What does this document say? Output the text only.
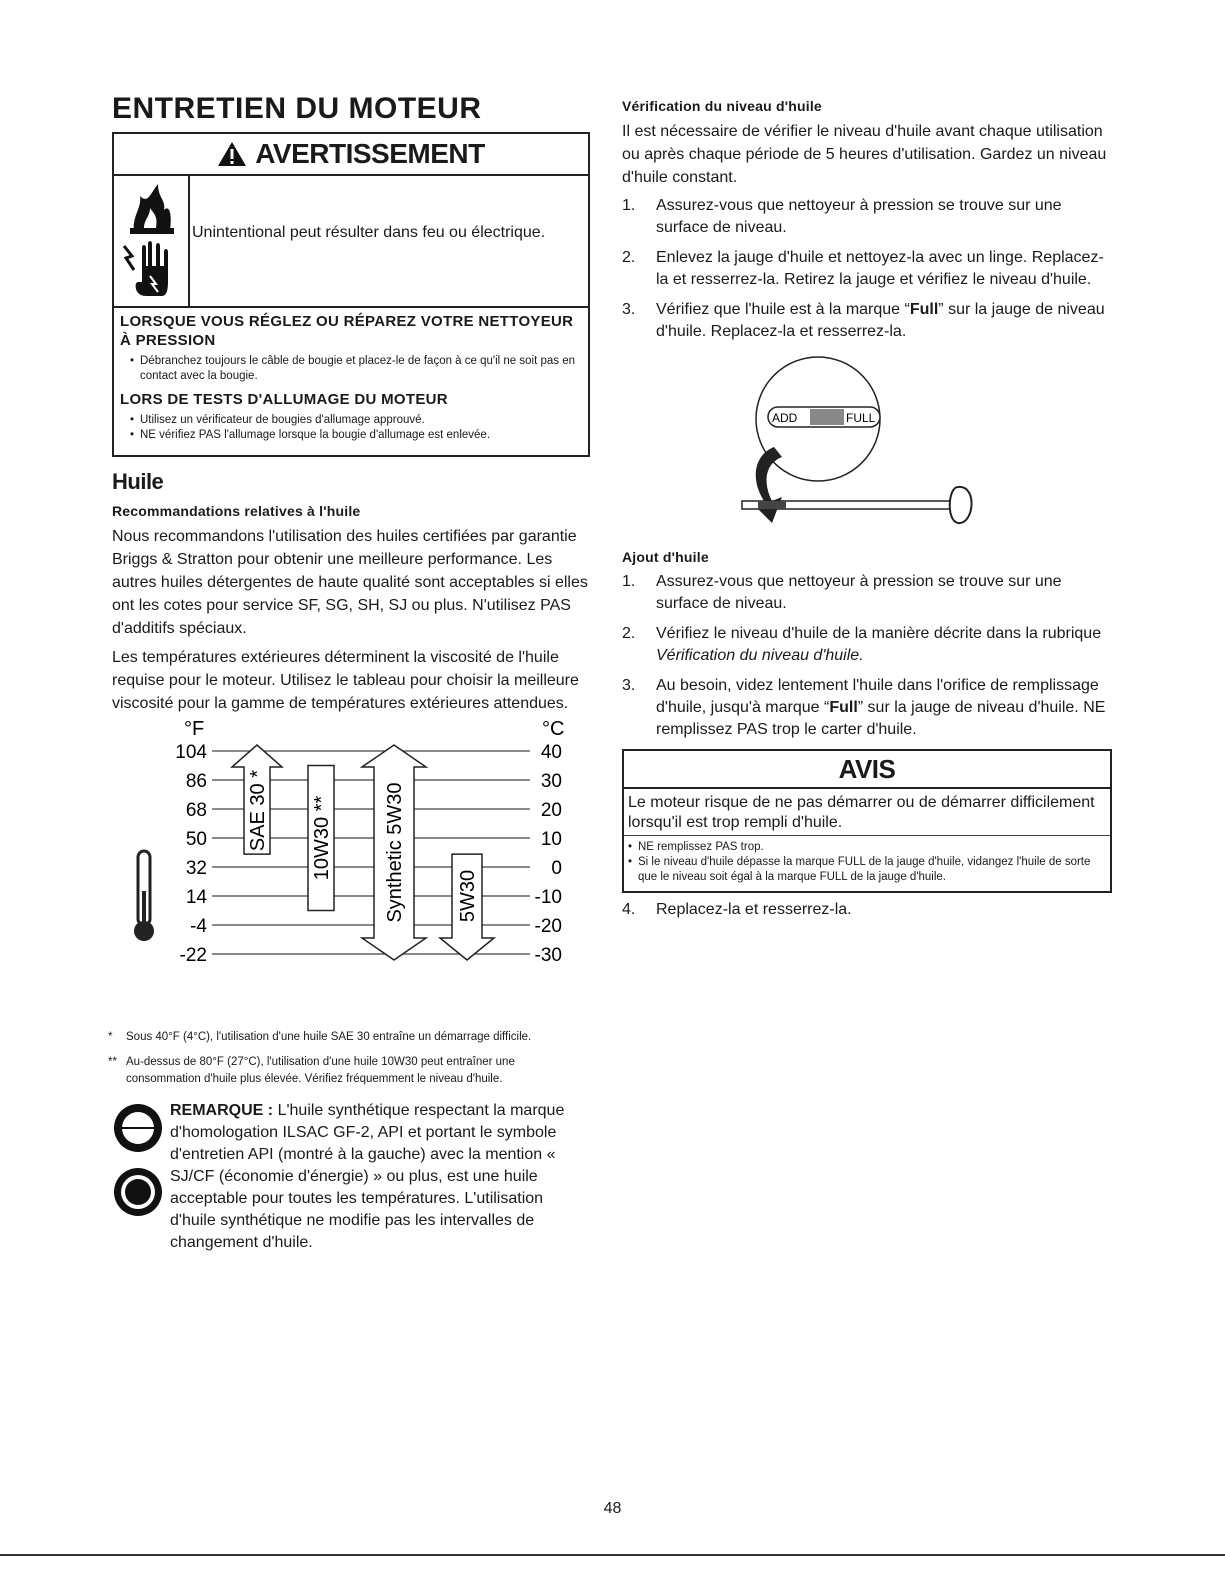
ENTRETIEN DU MOTEUR
AVERTISSEMENT
Unintentional peut résulter dans feu ou électrique.
LORSQUE VOUS RÉGLEZ OU RÉPAREZ VOTRE NETTOYEUR À PRESSION
• Débranchez toujours le câble de bougie et placez-le de façon à ce qu'il ne soit pas en contact avec la bougie.
LORS DE TESTS D'ALLUMAGE DU MOTEUR
• Utilisez un vérificateur de bougies d'allumage approuvé.
• NE vérifiez PAS l'allumage lorsque la bougie d'allumage est enlevée.
Huile
Recommandations relatives à l'huile

Nous recommandons l'utilisation des huiles certifiées par garantie Briggs & Stratton pour obtenir une meilleure performance. Les autres huiles détergentes de haute qualité sont acceptables si elles ont les cotes pour service SF, SG, SH, SJ ou plus. N'utilisez PAS d'additifs spéciaux.

Les températures extérieures déterminent la viscosité de l'huile requise pour le moteur. Utilisez le tableau pour choisir la meilleure viscosité pour la gamme de températures extérieures attendues.

°F	°C
104	40
86	30
68	20
50	10
32	0
14	-10
-4	-20
-22	-30
SAE 30 * 10W30 **	Synthetic 5W30	5W30
* Sous 40°F (4°C), l'utilisation d'une huile SAE 30 entraîne un démarrage difficile.
** Au-dessus de 80°F (27°C), l'utilisation d'une huile 10W30 peut entraîner une consommation d'huile plus élevée. Vérifiez fréquemment le niveau d'huile.
REMARQUE : L'huile synthétique respectant la marque d'homologation ILSAC GF-2, API et portant le symbole d'entretien API (montré à la gauche) avec la mention « SJ/CF (économie d'énergie) » ou plus, est une huile acceptable pour toutes les températures. L'utilisation d'huile synthétique ne modifie pas les intervalles de changement d'huile.
Vérification du niveau d'huile

Il est nécessaire de vérifier le niveau d'huile avant chaque utilisation ou après chaque période de 5 heures d'utilisation. Gardez un niveau d'huile constant.

1. Assurez-vous que nettoyeur à pression se trouve sur une surface de niveau.
2. Enlevez la jauge d'huile et nettoyez-la avec un linge. Replacez-la et resserrez-la. Retirez la jauge et vérifiez le niveau d'huile.
3. Vérifiez que l'huile est à la marque “Full” sur la jauge de niveau d'huile. Replacez-la et resserrez-la.
ADD	FULL
Ajout d'huile
1. Assurez-vous que nettoyeur à pression se trouve sur une surface de niveau.
2. Vérifiez le niveau d'huile de la manière décrite dans la rubrique Vérification du niveau d'huile.
3. Au besoin, videz lentement l'huile dans l'orifice de remplissage d'huile, jusqu'à marque “Full” sur la jauge de niveau d'huile. NE remplissez PAS trop le carter d'huile.
AVIS
Le moteur risque de ne pas démarrer ou de démarrer difficilement lorsqu'il est trop rempli d'huile.
• NE remplissez PAS trop.
• Si le niveau d'huile dépasse la marque FULL de la jauge d'huile, vidangez l'huile de sorte que le niveau soit égal à la marque FULL de la jauge d'huile.
4. Replacez-la et resserrez-la.
48
